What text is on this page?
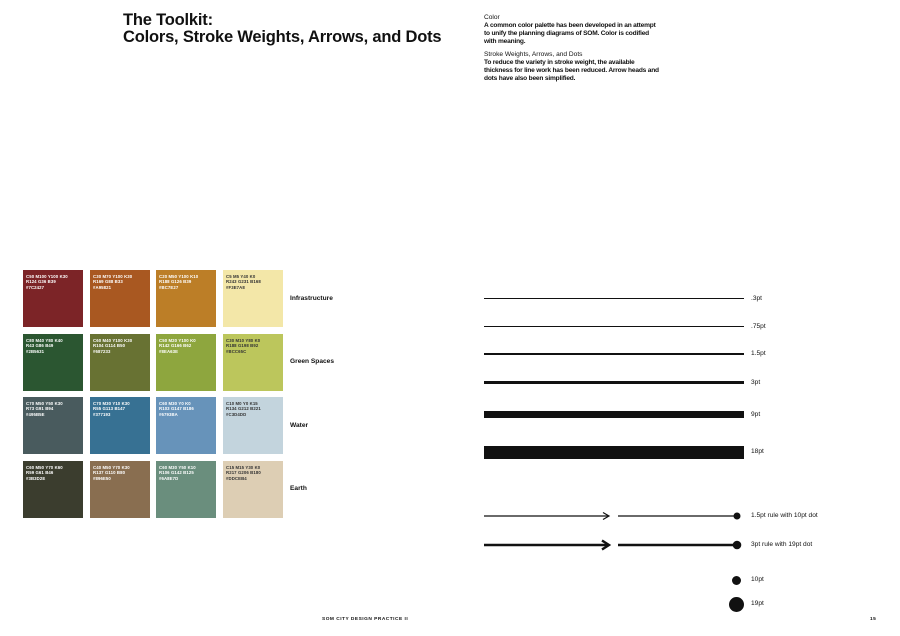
The Toolkit:
Colors, Stroke Weights, Arrows, and Dots
Color
A common color palette has been developed in an attempt to unify the planning diagrams of SOM. Color is codified with meaning.
Stroke Weights, Arrows, and Dots
To reduce the variety in stroke weight, the available thickness for line work has been reduced. Arrow heads and dots have also been simplified.
C50 M100 Y100 K30
R124 G36 B39
#7C2427
C30 M70 Y100 K30
R169 G88 B33
#A95821
C20 M50 Y100 K10
R188 G126 B39
#BC7E27
C5 M5 Y40 K0
R243 G231 B168
#F3E7A8
C80 M40 Y80 K40
R43 G86 B49
#2B5631
C60 M40 Y100 K30
R104 G114 B50
#687233
C50 M20 Y100 K0
R142 G166 B62
#8EA63E
C30 M10 Y80 K0
R188 G198 B92
#BCC65C
C70 M50 Y50 K30
R73 G91 B94
#495B5E
C70 M30 Y10 K30
R55 G113 B147
#377193
C60 M30 Y0 K0
R103 G147 B186
#6793BA
C10 M0 Y0 K15
R134 G212 B221
#C3D4DD
C60 M50 Y70 K60
R59 G61 B46
#3B3D2E
C40 M50 Y70 K30
R137 G110 B80
#896E50
C60 M30 Y50 K10
R106 G142 B125
#6A8E7D
C15 M15 Y30 K0
R217 G206 B180
#DDCEB4
Infrastructure
Green Spaces
Water
Earth
.3pt
.75pt
1.5pt
3pt
9pt
18pt
1.5pt rule with 10pt dot
3pt rule with 19pt dot
10pt
19pt
SOM CITY DESIGN PRACTICE II	15
